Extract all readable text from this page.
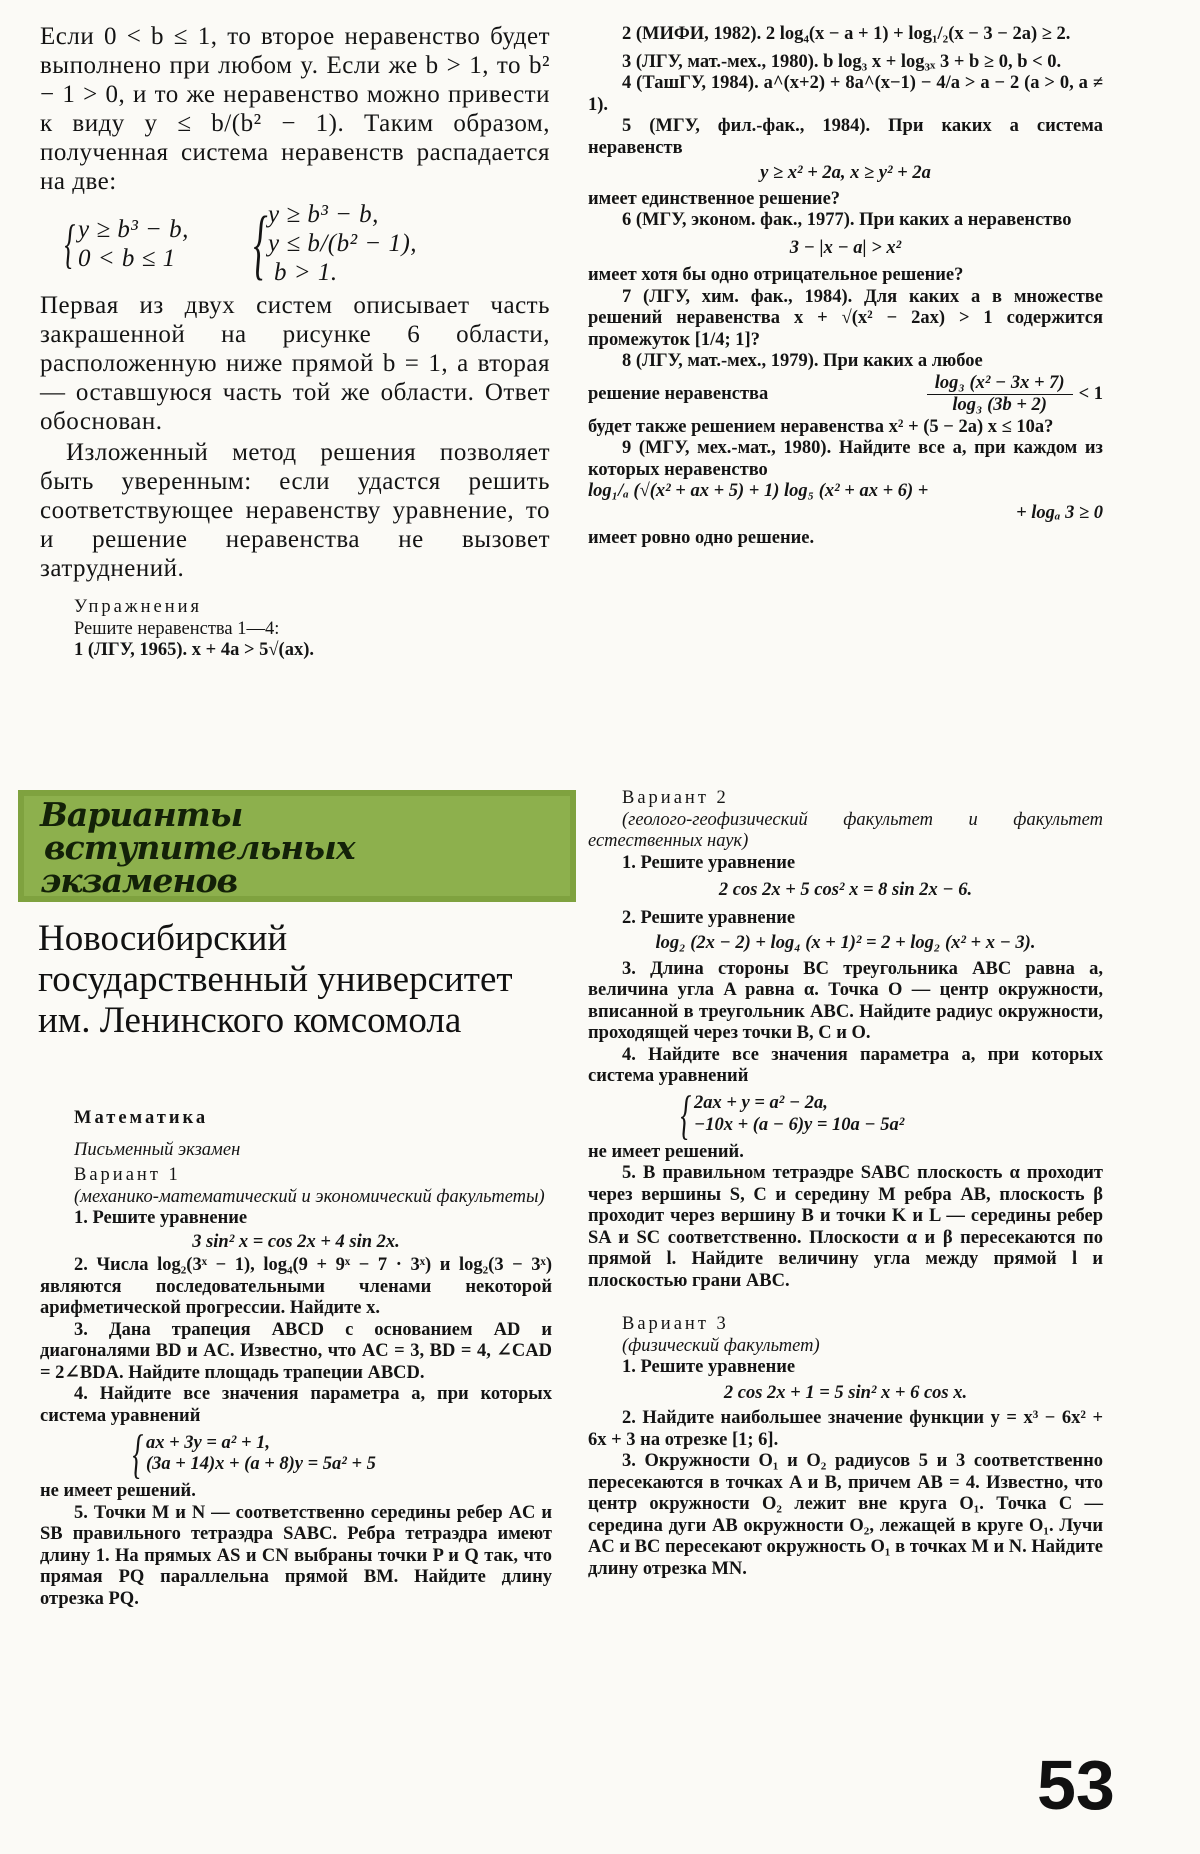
Если 0 < b ≤ 1, то второе неравенство будет выполнено при любом y. Если же b > 1, то b² − 1 > 0, и то же неравенство можно привести к виду y ≤ b/(b² − 1). Таким образом, полученная система неравенств распадается на две:

{ y ≥ b³ − b,

0 < b ≤ 1 { y ≥ b³ − b,

y ≤ b/(b² − 1),

b > 1.

Первая из двух систем описывает часть закрашенной на рисунке 6 области, расположенную ниже прямой b = 1, а вторая — оставшуюся часть той же области. Ответ обоснован.

Изложенный метод решения позволяет быть уверенным: если удастся решить соответствующее неравенству уравнение, то и решение неравенства не вызовет затруднений.

Упражнения

Решите неравенства 1—4:

1 (ЛГУ, 1965). x + 4a > 5√(ax).

2 (МИФИ, 1982). 2 log₄(x − a + 1) + log₁/₂(x − 3 − 2a) ≥ 2.

3 (ЛГУ, мат.-мех., 1980). b log₃ x + log₃ₓ 3 + b ≥ 0, b < 0.

4 (ТашГУ, 1984). a^(x+2) + 8a^(x−1) − 4/a > a − 2 (a > 0, a ≠ 1).

5 (МГУ, фил.-фак., 1984). При каких a система неравенств

y ≥ x² + 2a, x ≥ y² + 2a

имеет единственное решение?

6 (МГУ, эконом. фак., 1977). При каких a неравенство

3 − |x − a| > x²

имеет хотя бы одно отрицательное решение?

7 (ЛГУ, хим. фак., 1984). Для каких a в множестве решений неравенства x + √(x² − 2ax) > 1 содержится промежуток [1/4; 1]?

8 (ЛГУ, мат.-мех., 1979). При каких a любое

решение неравенства	$\frac{\text{log₃ (x² − 3x + 7)}}{\text{log₃ (3b + 2)}} < 1$

будет также решением неравенства x² + (5 − 2a) x ≤ 10a?

9 (МГУ, мех.-мат., 1980). Найдите все a, при каждом из которых неравенство

log₁/ₐ (√(x² + ax + 5) + 1) log₅ (x² + ax + 6) +

+ logₐ 3 ≥ 0

имеет ровно одно решение.

Варианты
вступительных
экзаменов
Новосибирский государственный университет им. Ленинского комсомола

Математика

Письменный экзамен

Вариант 1

(механико-математический и экономический факультеты)

1. Решите уравнение

3 sin² x = cos 2x + 4 sin 2x.

2. Числа log₂(3ˣ − 1), log₄(9 + 9ˣ − 7 · 3ˣ) и log₂(3 − 3ˣ) являются последовательными членами некоторой арифметической прогрессии. Найдите x.

3. Дана трапеция ABCD с основанием AD и диагоналями BD и AC. Известно, что AC = 3, BD = 4, ∠CAD = 2∠BDA. Найдите площадь трапеции ABCD.

4. Найдите все значения параметра a, при которых система уравнений

{ ax + 3y = a² + 1,

(3a + 14)x + (a + 8)y = 5a² + 5

не имеет решений.

5. Точки M и N — соответственно середины ребер AC и SB правильного тетраэдра SABC. Ребра тетраэдра имеют длину 1. На прямых AS и CN выбраны точки P и Q так, что прямая PQ параллельна прямой BM. Найдите длину отрезка PQ.

Вариант 2

(геолого-геофизический факультет и факультет естественных наук)

1. Решите уравнение

2 cos 2x + 5 cos² x = 8 sin 2x − 6.

2. Решите уравнение

log₂ (2x − 2) + log₄ (x + 1)² = 2 + log₂ (x² + x − 3).

3. Длина стороны BC треугольника ABC равна a, величина угла A равна α. Точка O — центр окружности, вписанной в треугольник ABC. Найдите радиус окружности, проходящей через точки B, C и O.

4. Найдите все значения параметра a, при которых система уравнений

{ 2ax + y = a² − 2a,

−10x + (a − 6)y = 10a − 5a²

не имеет решений.

5. В правильном тетраэдре SABC плоскость α проходит через вершины S, C и середину M ребра AB, плоскость β проходит через вершину B и точки K и L — середины ребер SA и SC соответственно. Плоскости α и β пересекаются по прямой l. Найдите величину угла между прямой l и плоскостью грани ABC.

Вариант 3

(физический факультет)

1. Решите уравнение

2 cos 2x + 1 = 5 sin² x + 6 cos x.

2. Найдите наибольшее значение функции y = x³ − 6x² + 6x + 3 на отрезке [1; 6].

3. Окружности O₁ и O₂ радиусов 5 и 3 соответственно пересекаются в точках A и B, причем AB = 4. Известно, что центр окружности O₂ лежит вне круга O₁. Точка C — середина дуги AB окружности O₂, лежащей в круге O₁. Лучи AC и BC пересекают окружность O₁ в точках M и N. Найдите длину отрезка MN.

53
